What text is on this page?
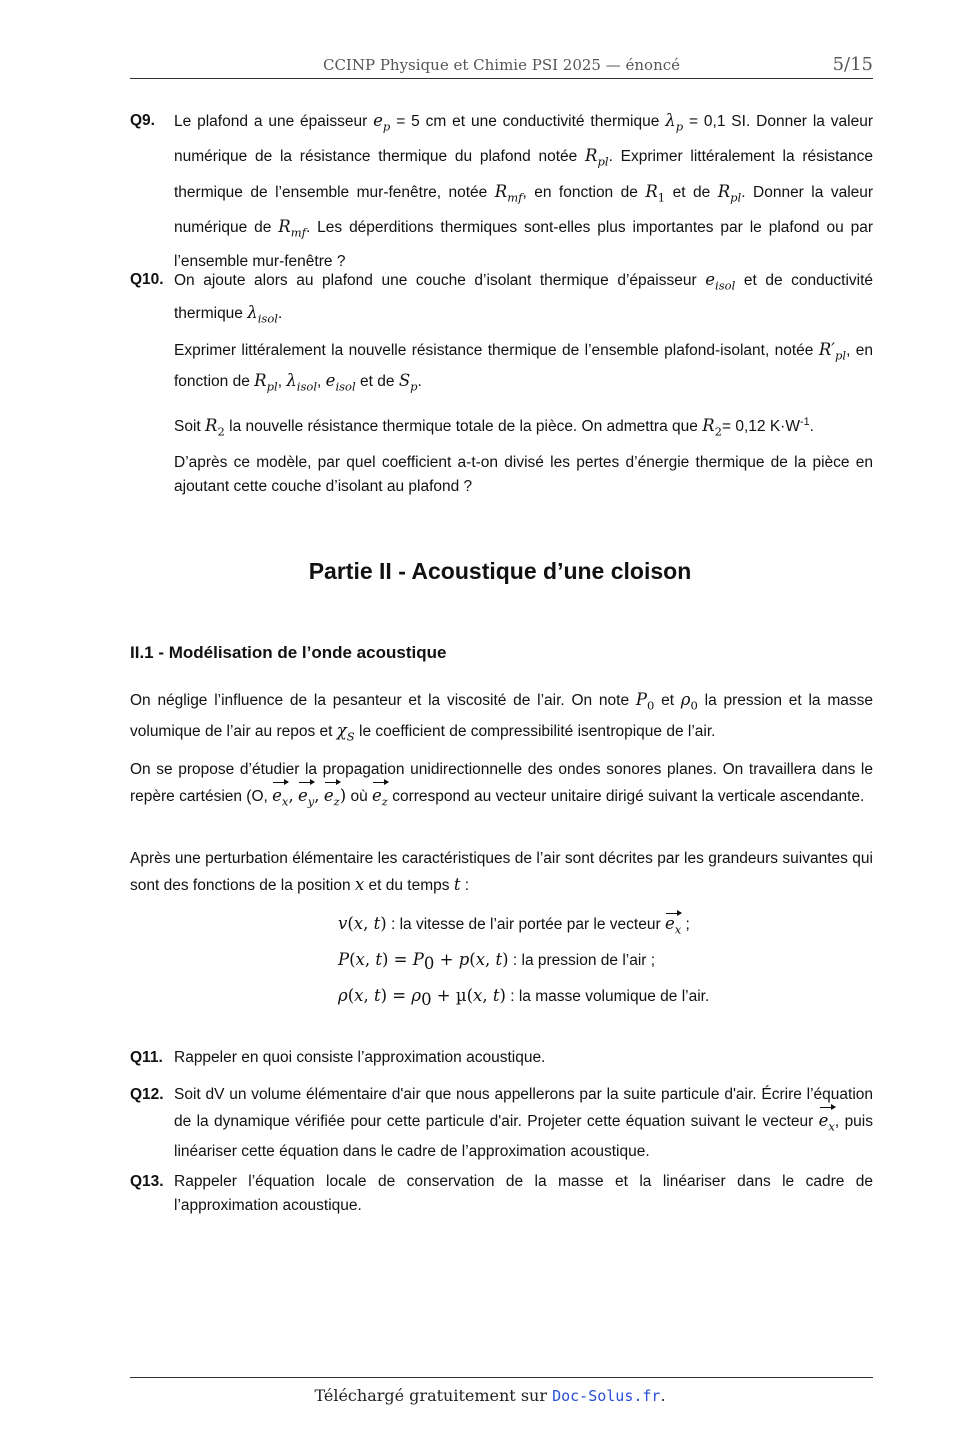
CCINP Physique et Chimie PSI 2025 — énoncé	5/15
Q9. Le plafond a une épaisseur $e_p = 5$ cm et une conductivité thermique $\lambda_p = 0,1$ SI. Donner la valeur numérique de la résistance thermique du plafond notée $R_{pl}$. Exprimer littéralement la résistance thermique de l’ensemble mur-fenêtre, notée $R_{mf}$, en fonction de $R_1$ et de $R_{pl}$. Donner la valeur numérique de $R_{mf}$. Les déperditions thermiques sont-elles plus importantes par le plafond ou par l’ensemble mur-fenêtre ?
Q10. On ajoute alors au plafond une couche d’isolant thermique d’épaisseur $e_{isol}$ et de conductivité thermique $\lambda_{isol}$.
Exprimer littéralement la nouvelle résistance thermique de l’ensemble plafond-isolant, notée $R'_{pl}$, en fonction de $R_{pl}$, $\lambda_{isol}$, $e_{isol}$ et de $S_p$.
Soit $R_2$ la nouvelle résistance thermique totale de la pièce. On admettra que $R_2= 0,12$ $K\cdot W^{-1}$.
D’après ce modèle, par quel coefficient a-t-on divisé les pertes d’énergie thermique de la pièce en ajoutant cette couche d’isolant au plafond ?
Partie II - Acoustique d’une cloison
II.1 - Modélisation de l’onde acoustique
On néglige l’influence de la pesanteur et la viscosité de l’air. On note $P_0$ et $\rho_0$ la pression et la masse volumique de l’air au repos et $\chi_S$ le coefficient de compressibilité isentropique de l’air.
On se propose d’étudier la propagation unidirectionnelle des ondes sonores planes. On travaillera dans le repère cartésien (O, $e_x$, $e_y$, $e_z$) où $e_z$ correspond au vecteur unitaire dirigé suivant la verticale ascendante.
Après une perturbation élémentaire les caractéristiques de l’air sont décrites par les grandeurs suivantes qui sont des fonctions de la position x et du temps t :
v(x, t) : la vitesse de l’air portée par le vecteur $e_x$ ;
P(x, $t) = P_0 + p(x$, t) : la pression de l’air ;
ρ(x, $t) = \rho_0 + \mu(x$, t) : la masse volumique de l’air.
Q11. Rappeler en quoi consiste l’approximation acoustique.
Q12. Soit dV un volume élémentaire d'air que nous appellerons par la suite particule d'air. Écrire l’équation de la dynamique vérifiée pour cette particule d'air. Projeter cette équation suivant le vecteur $e_x$, puis linéariser cette équation dans le cadre de l’approximation acoustique.
Q13. Rappeler l’équation locale de conservation de la masse et la linéariser dans le cadre de l’approximation acoustique.
Téléchargé gratuitement sur Doc-Solus.fr.
